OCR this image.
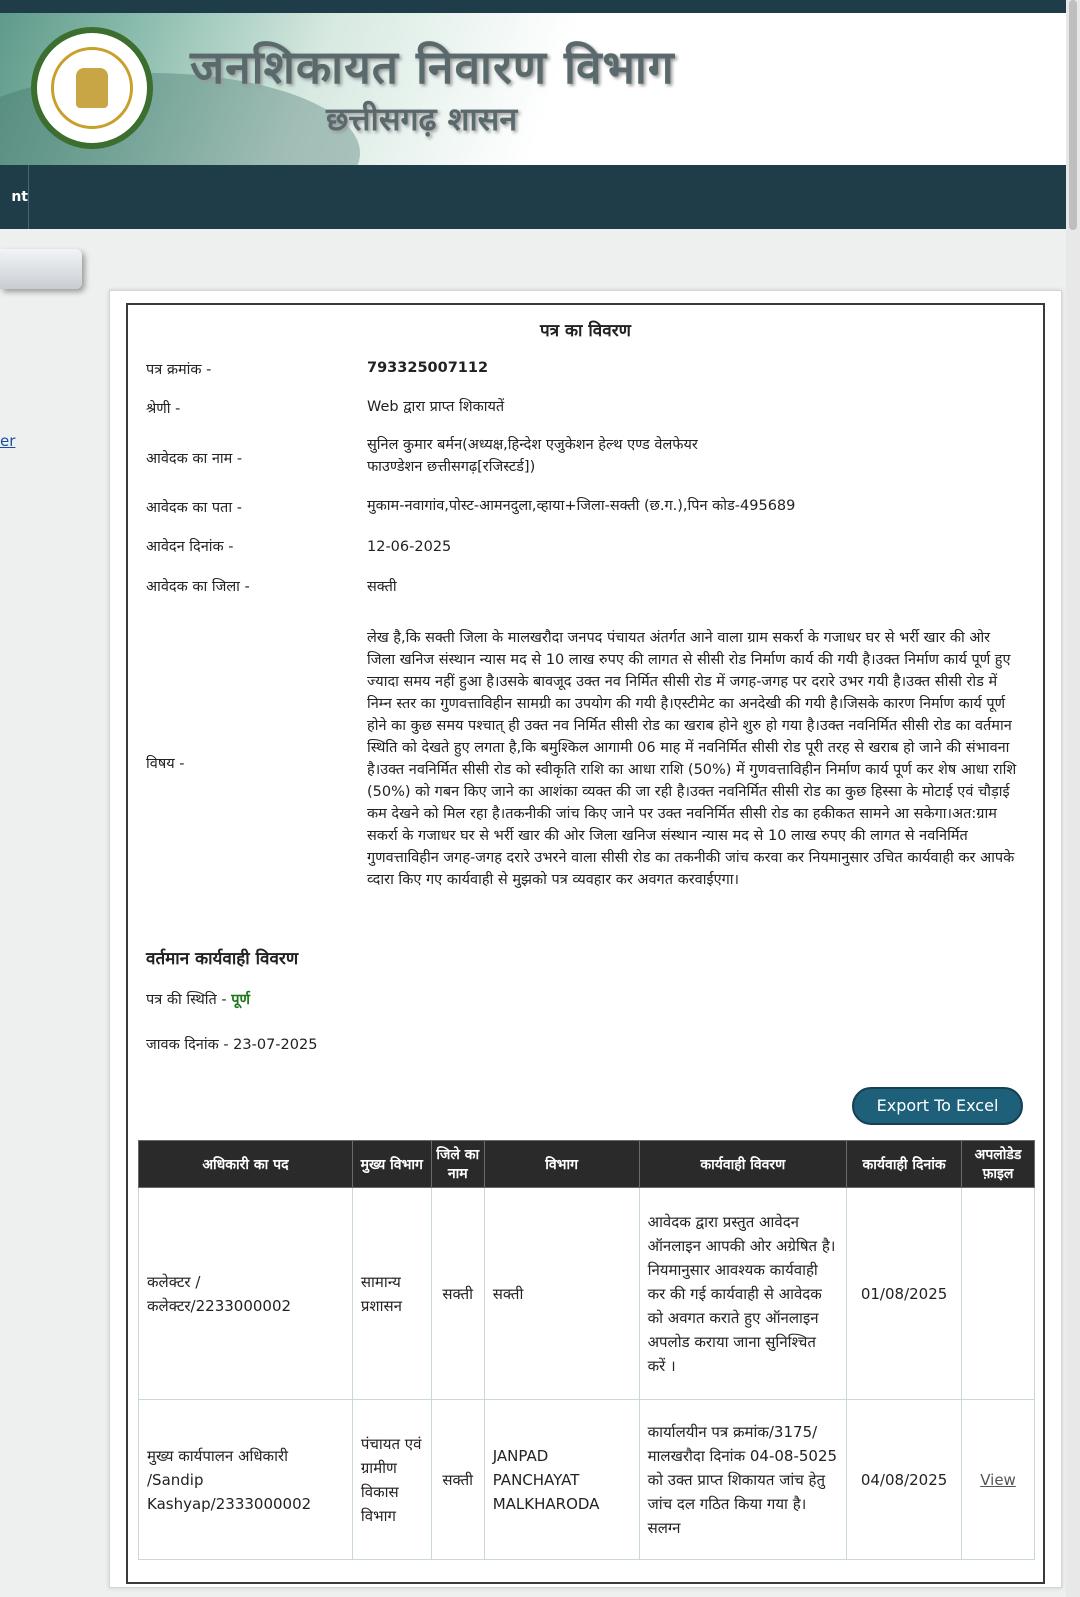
जनशिकायत निवारण विभाग
छत्तीसगढ़ शासन
nt
er
पत्र का विवरण
पत्र क्रमांक -	793325007112
श्रेणी -	Web द्वारा प्राप्त शिकायतें
आवेदक का नाम -
सुनिल कुमार बर्मन(अध्यक्ष,हिन्देश एजुकेशन हेल्थ एण्ड वेलफेयर
फाउण्डेशन छत्तीसगढ़[रजिस्टर्ड])
आवेदक का पता -	मुकाम-नवागांव,पोस्ट-आमनदुला,व्हाया+जिला-सक्ती (छ.ग.),पिन कोड-495689
आवेदन दिनांक -	12-06-2025
आवेदक का जिला -	सक्ती
विषय -
लेख है,कि सक्ती जिला के मालखरौदा जनपद पंचायत अंतर्गत आने वाला ग्राम सकर्रा के गजाधर घर से भर्री खार की ओर जिला खनिज संस्थान न्यास मद से 10 लाख रुपए की लागत से सीसी रोड निर्माण कार्य की गयी है।उक्त निर्माण कार्य पूर्ण हुए ज्यादा समय नहीं हुआ है।उसके बावजूद उक्त नव निर्मित सीसी रोड में जगह-जगह पर दरारे उभर गयी है।उक्त सीसी रोड में निम्न स्तर का गुणवत्ताविहीन सामग्री का उपयोग की गयी है।एस्टीमेट का अनदेखी की गयी है।जिसके कारण निर्माण कार्य पूर्ण होने का कुछ समय पश्चात् ही उक्त नव निर्मित सीसी रोड का खराब होने शुरु हो गया है।उक्त नवनिर्मित सीसी रोड का वर्तमान स्थिति को देखते हुए लगता है,कि बमुश्किल आगामी 06 माह में नवनिर्मित सीसी रोड पूरी तरह से खराब हो जाने की संभावना है।उक्त नवनिर्मित सीसी रोड को स्वीकृति राशि का आधा राशि (50%) में गुणवत्ताविहीन निर्माण कार्य पूर्ण कर शेष आधा राशि (50%) को गबन किए जाने का आशंका व्यक्त की जा रही है।उक्त नवनिर्मित सीसी रोड का कुछ हिस्सा के मोटाई एवं चौड़ाई कम देखने को मिल रहा है।तकनीकी जांच किए जाने पर उक्त नवनिर्मित सीसी रोड का हकीकत सामने आ सकेगा।अत:ग्राम सकर्रा के गजाधर घर से भर्री खार की ओर जिला खनिज संस्थान न्यास मद से 10 लाख रुपए की लागत से नवनिर्मित गुणवत्ताविहीन जगह-जगह दरारे उभरने वाला सीसी रोड का तकनीकी जांच करवा कर नियमानुसार उचित कार्यवाही कर आपके व्दारा किए गए कार्यवाही से मुझको पत्र व्यवहार कर अवगत करवाईएगा।
वर्तमान कार्यवाही विवरण
पत्र की स्थिति - पूर्ण
जावक दिनांक - 23-07-2025
Export To Excel
अधिकारी का पद	मुख्य विभाग	जिले का नाम	विभाग	कार्यवाही विवरण	कार्यवाही दिनांक	अपलोडेड फ़ाइल
कलेक्टर / कलेक्टर/2233000002	सामान्य प्रशासन	सक्ती	सक्ती	आवेदक द्वारा प्रस्तुत आवेदन ऑनलाइन आपकी ओर अग्रेषित है। नियमानुसार आवश्यक कार्यवाही कर की गई कार्यवाही से आवेदक को अवगत कराते हुए ऑनलाइन अपलोड कराया जाना सुनिश्चित करें ।	01/08/2025	
मुख्य कार्यपालन अधिकारी /Sandip Kashyap/2333000002	पंचायत एवं ग्रामीण विकास विभाग	सक्ती	JANPAD PANCHAYAT MALKHARODA	कार्यालयीन पत्र क्रमांक/3175/ मालखरौदा दिनांक 04-08-5025 को उक्त प्राप्त शिकायत जांच हेतु जांच दल गठित किया गया है। सलग्न	04/08/2025	View
